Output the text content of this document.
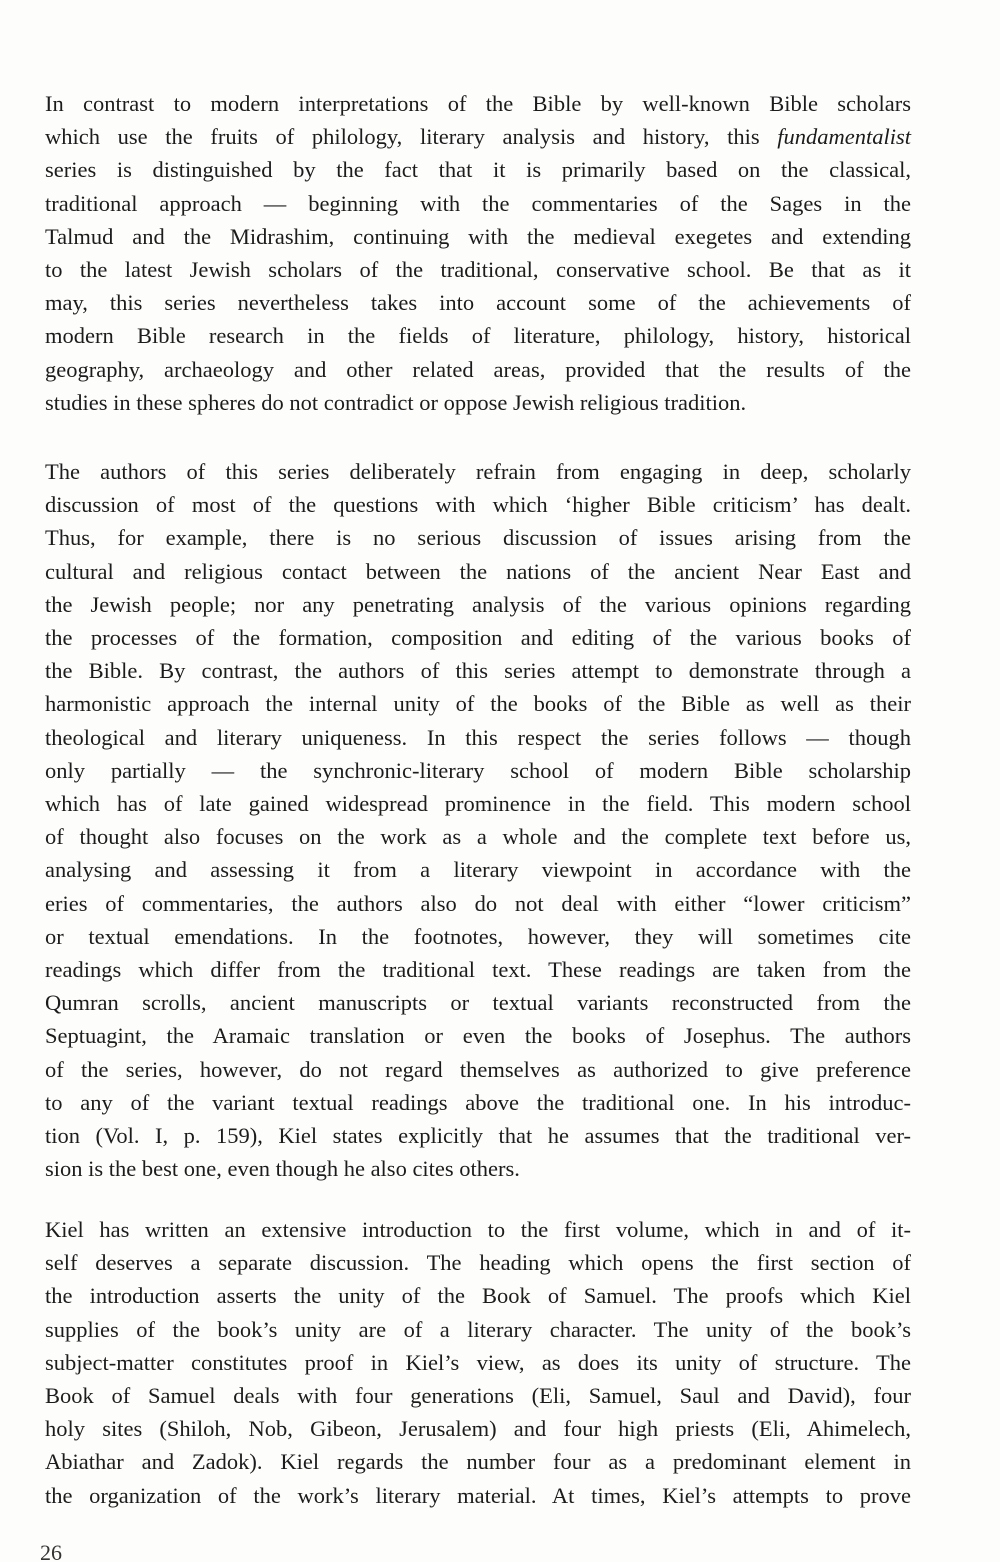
In contrast to modern interpretations of the Bible by well-known Bible scholars
which use the fruits of philology, literary analysis and history, this fundamentalist
series is distinguished by the fact that it is primarily based on the classical,
traditional approach — beginning with the commentaries of the Sages in the
Talmud and the Midrashim, continuing with the medieval exegetes and extending
to the latest Jewish scholars of the traditional, conservative school. Be that as it
may, this series nevertheless takes into account some of the achievements of
modern Bible research in the fields of literature, philology, history, historical
geography, archaeology and other related areas, provided that the results of the
studies in these spheres do not contradict or oppose Jewish religious tradition.
The authors of this series deliberately refrain from engaging in deep, scholarly
discussion of most of the questions with which ‘higher Bible criticism’ has dealt.
Thus, for example, there is no serious discussion of issues arising from the
cultural and religious contact between the nations of the ancient Near East and
the Jewish people; nor any penetrating analysis of the various opinions regarding
the processes of the formation, composition and editing of the various books of
the Bible. By contrast, the authors of this series attempt to demonstrate through a
harmonistic approach the internal unity of the books of the Bible as well as their
theological and literary uniqueness. In this respect the series follows — though
only partially — the synchronic-literary school of modern Bible scholarship
which has of late gained widespread prominence in the field. This modern school
of thought also focuses on the work as a whole and the complete text before us,
analysing and assessing it from a literary viewpoint in accordance with the
eries of commentaries, the authors also do not deal with either “lower criticism”
or textual emendations. In the footnotes, however, they will sometimes cite
readings which differ from the traditional text. These readings are taken from the
Qumran scrolls, ancient manuscripts or textual variants reconstructed from the
Septuagint, the Aramaic translation or even the books of Josephus. The authors
of the series, however, do not regard themselves as authorized to give preference
to any of the variant textual readings above the traditional one. In his introduc-
tion (Vol. I, p. 159), Kiel states explicitly that he assumes that the traditional ver-
sion is the best one, even though he also cites others.
Kiel has written an extensive introduction to the first volume, which in and of it-
self deserves a separate discussion. The heading which opens the first section of
the introduction asserts the unity of the Book of Samuel. The proofs which Kiel
supplies of the book’s unity are of a literary character. The unity of the book’s
subject-matter constitutes proof in Kiel’s view, as does its unity of structure. The
Book of Samuel deals with four generations (Eli, Samuel, Saul and David), four
holy sites (Shiloh, Nob, Gibeon, Jerusalem) and four high priests (Eli, Ahimelech,
Abiathar and Zadok). Kiel regards the number four as a predominant element in
the organization of the work’s literary material. At times, Kiel’s attempts to prove
26
